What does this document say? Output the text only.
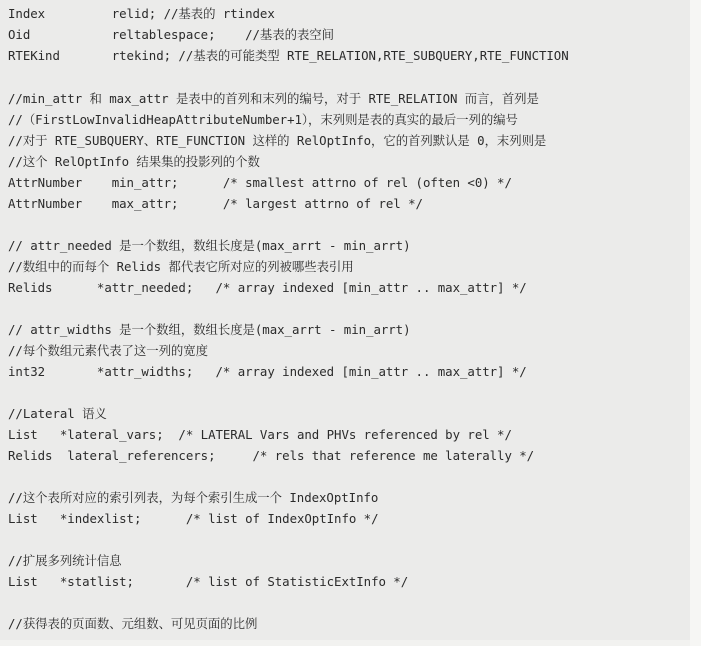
Index         relid; //基表的 rtindex
Oid           reltablespace;    //基表的表空间
RTEKind       rtekind; //基表的可能类型 RTE_RELATION,RTE_SUBQUERY,RTE_FUNCTION
//min_attr 和 max_attr 是表中的首列和末列的编号，对于 RTE_RELATION 而言，首列是
//（FirstLowInvalidHeapAttributeNumber+1），末列则是表的真实的最后一列的编号
//对于 RTE_SUBQUERY、RTE_FUNCTION 这样的 RelOptInfo，它的首列默认是 0，末列则是
//这个 RelOptInfo 结果集的投影列的个数
AttrNumber    min_attr;      /* smallest attrno of rel (often <0) */
AttrNumber    max_attr;      /* largest attrno of rel */
// attr_needed 是一个数组，数组长度是(max_arrt - min_arrt)
//数组中的而每个 Relids 都代表它所对应的列被哪些表引用
Relids      *attr_needed;   /* array indexed [min_attr .. max_attr] */
// attr_widths 是一个数组，数组长度是(max_arrt - min_arrt)
//每个数组元素代表了这一列的宽度
int32       *attr_widths;   /* array indexed [min_attr .. max_attr] */
//Lateral 语义
List   *lateral_vars;  /* LATERAL Vars and PHVs referenced by rel */
Relids  lateral_referencers;     /* rels that reference me laterally */
//这个表所对应的索引列表，为每个索引生成一个 IndexOptInfo
List   *indexlist;      /* list of IndexOptInfo */
//扩展多列统计信息
List   *statlist;       /* list of StatisticExtInfo */
//获得表的页面数、元组数、可见页面的比例
